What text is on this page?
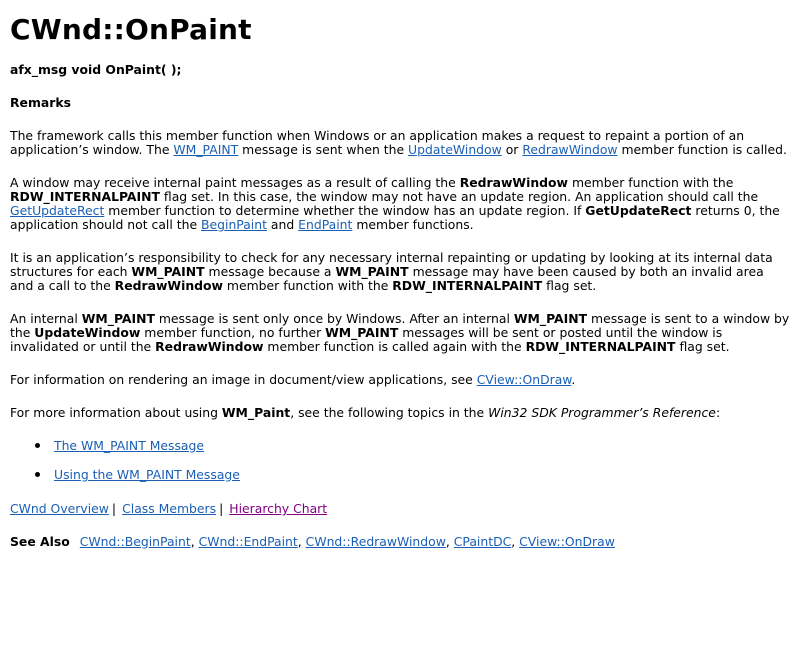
CWnd::OnPaint

afx_msg void OnPaint( );

Remarks

The framework calls this member function when Windows or an application makes a request to repaint a portion of an application’s window. The WM_PAINT message is sent when the UpdateWindow or RedrawWindow member function is called.

A window may receive internal paint messages as a result of calling the RedrawWindow member function with the RDW_INTERNALPAINT flag set. In this case, the window may not have an update region. An application should call the GetUpdateRect member function to determine whether the window has an update region. If GetUpdateRect returns 0, the application should not call the BeginPaint and EndPaint member functions.

It is an application’s responsibility to check for any necessary internal repainting or updating by looking at its internal data structures for each WM_PAINT message because a WM_PAINT message may have been caused by both an invalid area and a call to the RedrawWindow member function with the RDW_INTERNALPAINT flag set.

An internal WM_PAINT message is sent only once by Windows. After an internal WM_PAINT message is sent to a window by the UpdateWindow member function, no further WM_PAINT messages will be sent or posted until the window is invalidated or until the RedrawWindow member function is called again with the RDW_INTERNALPAINT flag set.

For information on rendering an image in document/view applications, see CView::OnDraw.

For more information about using WM_Paint, see the following topics in the Win32 SDK Programmer’s Reference:

The WM_PAINT Message
Using the WM_PAINT Message

CWnd Overview | Class Members | Hierarchy Chart

See Also CWnd::BeginPaint, CWnd::EndPaint, CWnd::RedrawWindow, CPaintDC, CView::OnDraw
